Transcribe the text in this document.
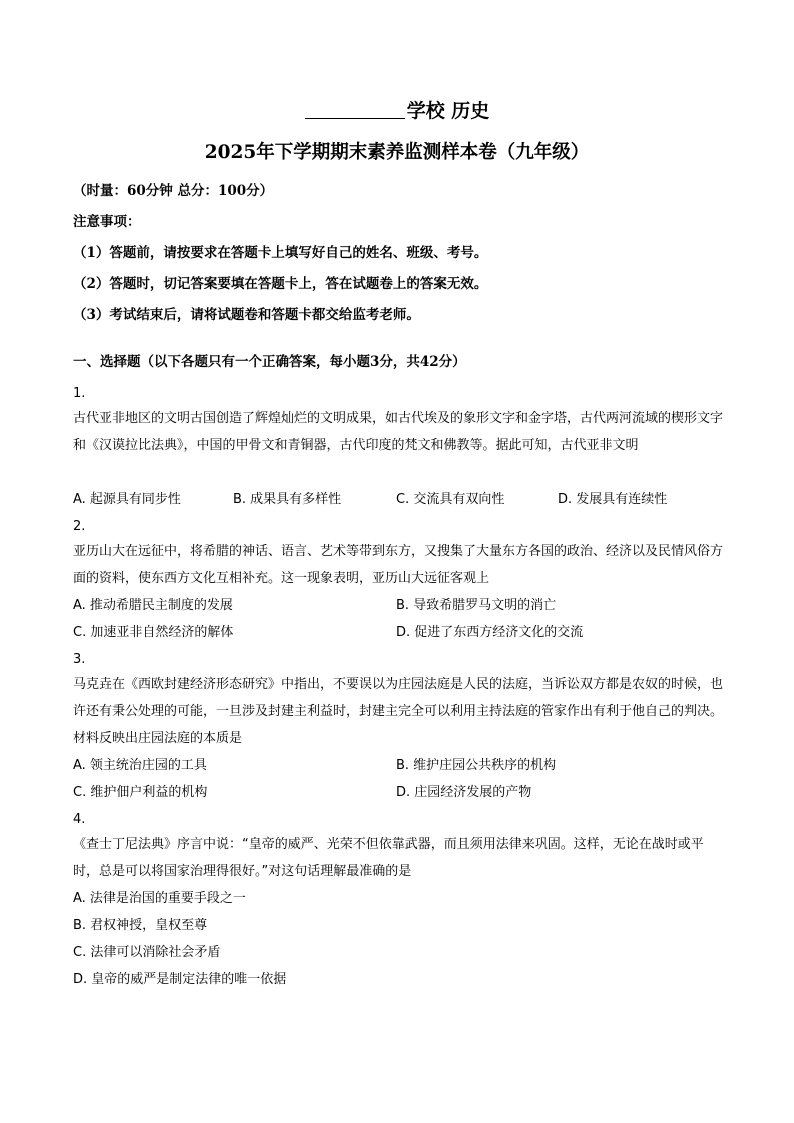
学校 历史
2025年下学期期末素养监测样本卷（九年级）
（时量：60分钟 总分：100分）
注意事项：
（1）答题前，请按要求在答题卡上填写好自己的姓名、班级、考号。
（2）答题时，切记答案要填在答题卡上，答在试题卷上的答案无效。
（3）考试结束后，请将试题卷和答题卡都交给监考老师。
一、选择题（以下各题只有一个正确答案，每小题3分，共42分）
1.
古代亚非地区的文明古国创造了辉煌灿烂的文明成果，如古代埃及的象形文字和金字塔，古代两河流域的楔形文字和《汉谟拉比法典》，中国的甲骨文和青铜器，古代印度的梵文和佛教等。据此可知，古代亚非文明
A. 起源具有同步性	B. 成果具有多样性	C. 交流具有双向性	D. 发展具有连续性
2.
亚历山大在远征中，将希腊的神话、语言、艺术等带到东方，又搜集了大量东方各国的政治、经济以及民情风俗方面的资料，使东西方文化互相补充。这一现象表明，亚历山大远征客观上
A. 推动希腊民主制度的发展	B. 导致希腊罗马文明的消亡
C. 加速亚非自然经济的解体	D. 促进了东西方经济文化的交流
3.
马克垚在《西欧封建经济形态研究》中指出，不要误以为庄园法庭是人民的法庭，当诉讼双方都是农奴的时候，也许还有秉公处理的可能，一旦涉及封建主利益时，封建主完全可以利用主持法庭的管家作出有利于他自己的判决。材料反映出庄园法庭的本质是
A. 领主统治庄园的工具	B. 维护庄园公共秩序的机构
C. 维护佃户利益的机构	D. 庄园经济发展的产物
4.
《查士丁尼法典》序言中说：“皇帝的威严、光荣不但依靠武器，而且须用法律来巩固。这样，无论在战时或平时，总是可以将国家治理得很好。”对这句话理解最准确的是
A. 法律是治国的重要手段之一
B. 君权神授，皇权至尊
C. 法律可以消除社会矛盾
D. 皇帝的威严是制定法律的唯一依据
